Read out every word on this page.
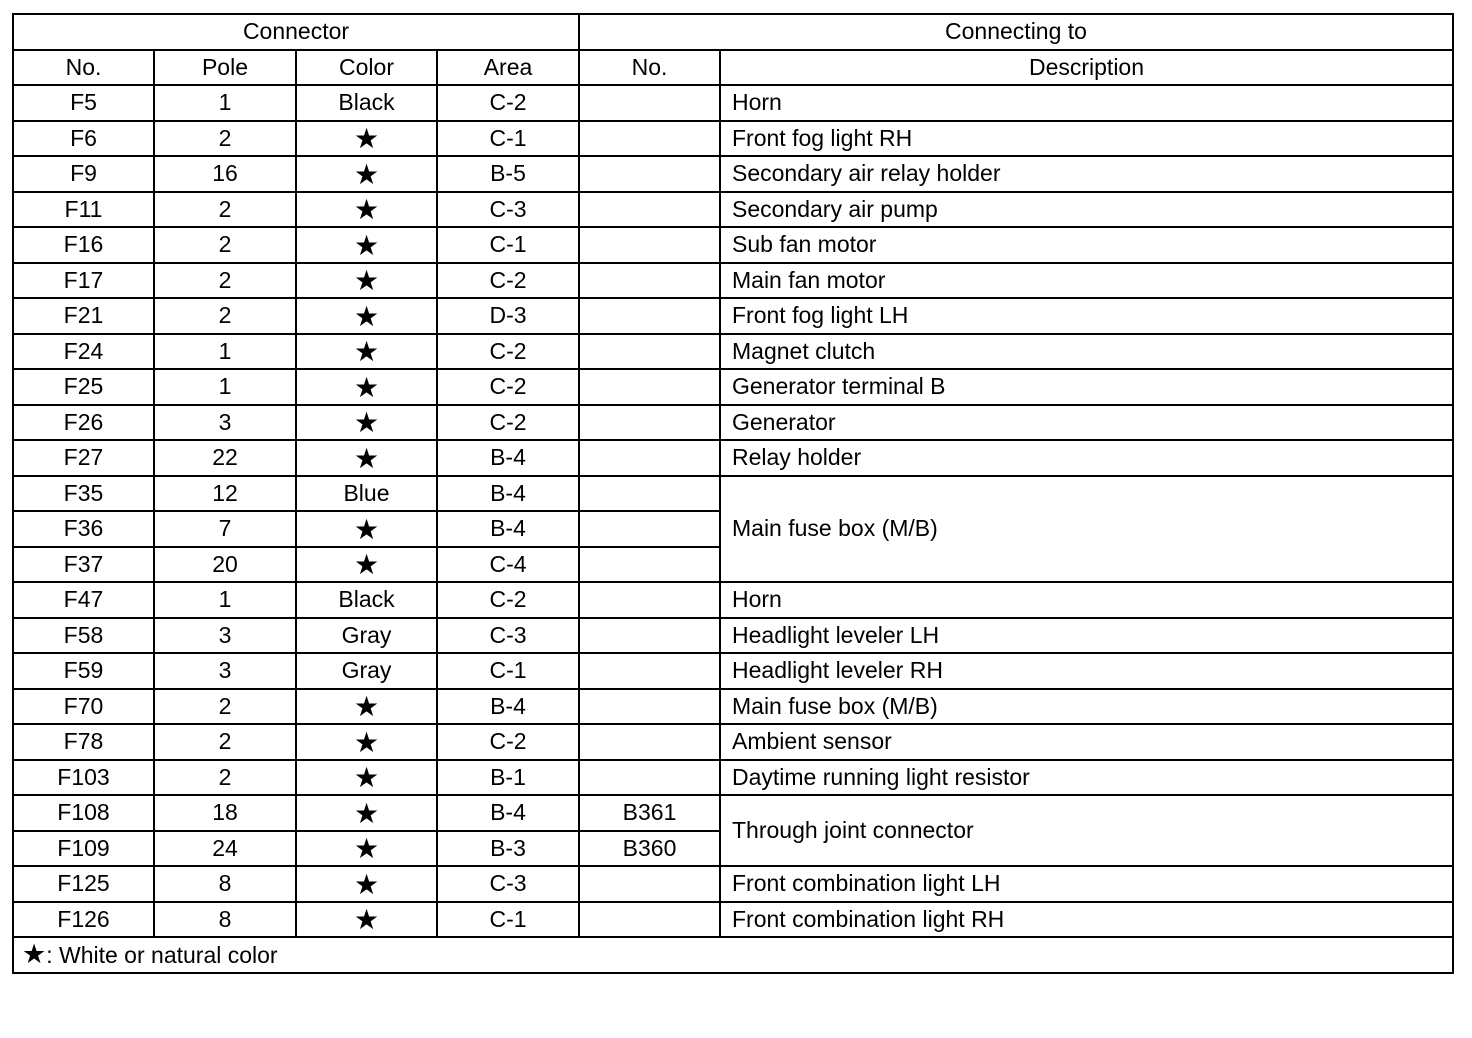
Connector				Connecting to	
No.	Pole	Color	Area	No.	Description
F5	1	Black	C-2		Horn
F6	2	★	C-1		Front fog light RH
F9	16	★	B-5		Secondary air relay holder
F11	2	★	C-3		Secondary air pump
F16	2	★	C-1		Sub fan motor
F17	2	★	C-2		Main fan motor
F21	2	★	D-3		Front fog light LH
F24	1	★	C-2		Magnet clutch
F25	1	★	C-2		Generator terminal B
F26	3	★	C-2		Generator
F27	22	★	B-4		Relay holder
F35	12	Blue	B-4		Main fuse box (M/B)
F36	7	★	B-4		
F37	20	★	C-4		
F47	1	Black	C-2		Horn
F58	3	Gray	C-3		Headlight leveler LH
F59	3	Gray	C-1		Headlight leveler RH
F70	2	★	B-4		Main fuse box (M/B)
F78	2	★	C-2		Ambient sensor
F103	2	★	B-1		Daytime running light resistor
F108	18	★	B-4	B361	Through joint connector
F109	24	★	B-3	B360	
F125	8	★	C-3		Front combination light LH
F126	8	★	C-1		Front combination light RH
★: White or natural color					
